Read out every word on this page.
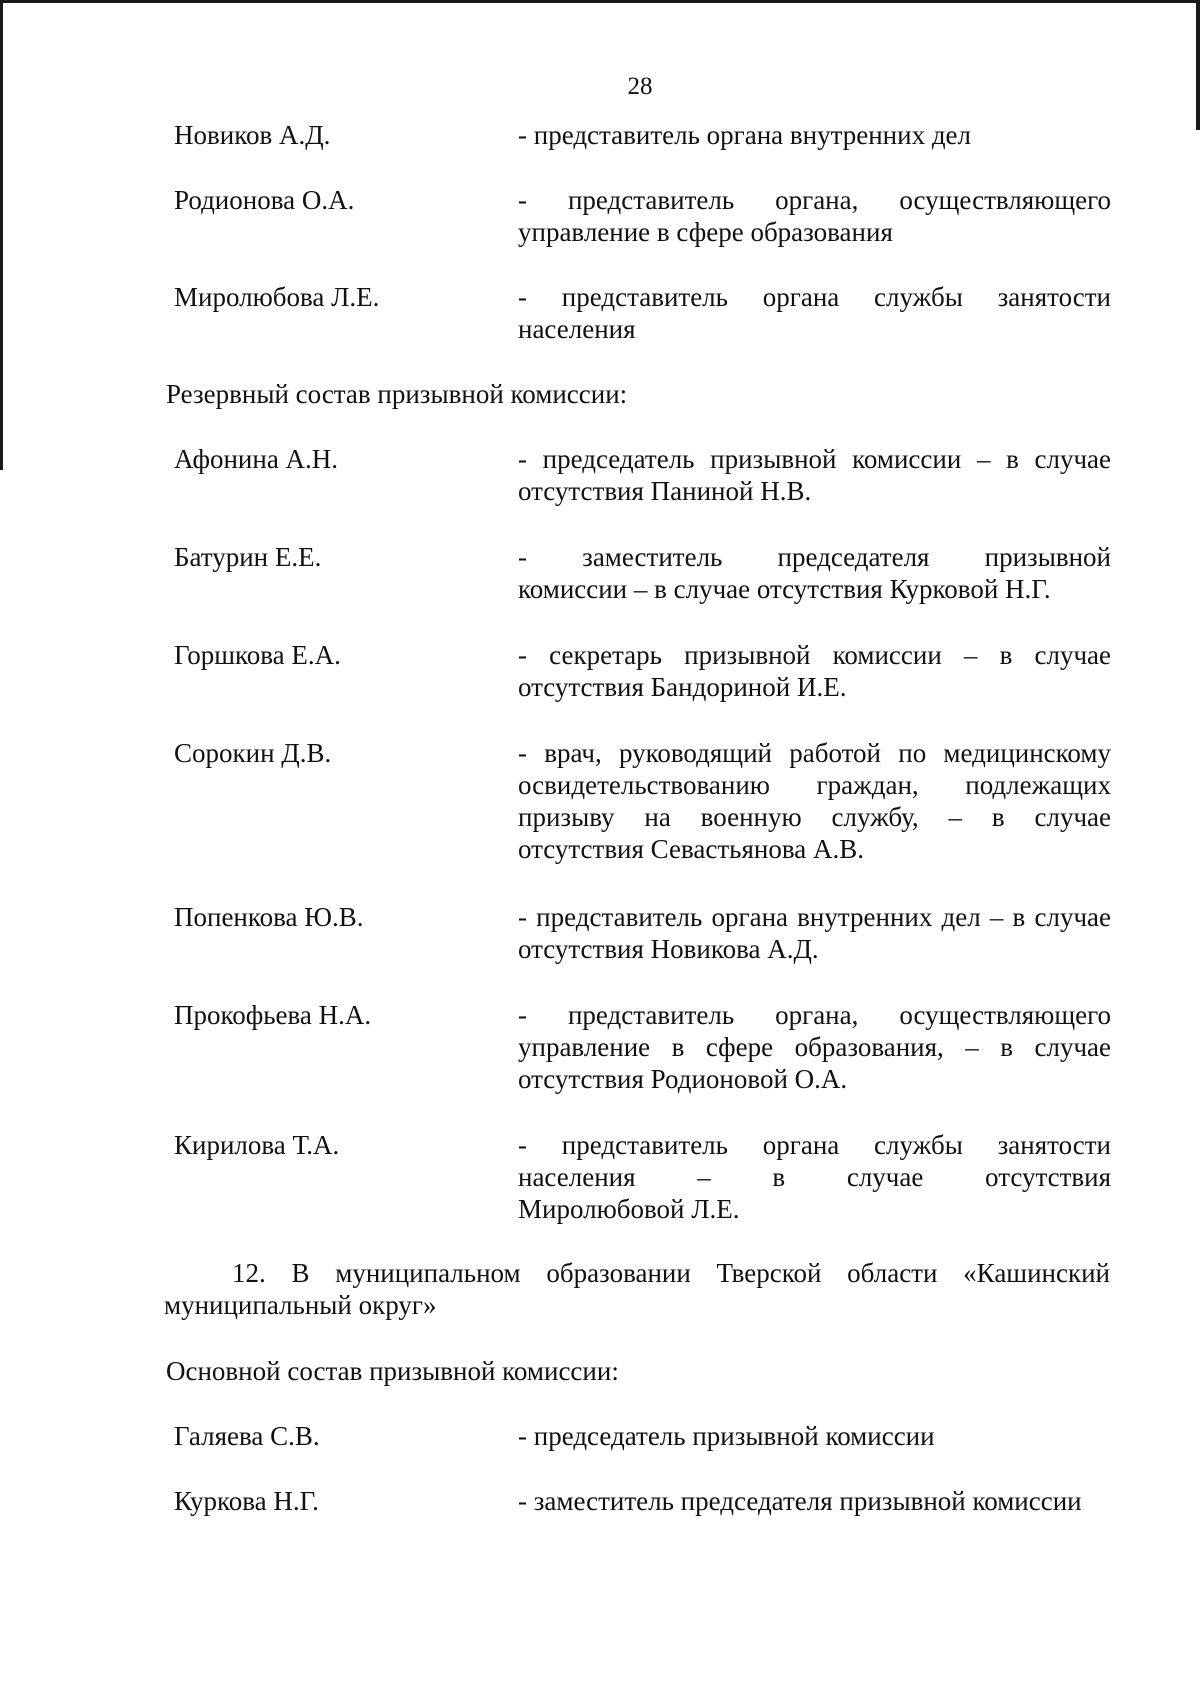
28
Новиков А.Д.	- представитель органа внутренних дел
Родионова О.А.	- представитель органа, осуществляющего
управление в сфере образования
Миролюбова Л.Е.	- представитель органа службы занятости
населения
Резервный состав призывной комиссии:
Афонина А.Н.	- председатель призывной комиссии – в случае
отсутствия Паниной Н.В.
Батурин Е.Е.	- заместитель председателя призывной
комиссии – в случае отсутствия Курковой Н.Г.
Горшкова Е.А.	- секретарь призывной комиссии – в случае
отсутствия Бандориной И.Е.
Сорокин Д.В.	- врач, руководящий работой по медицинскому
освидетельствованию граждан, подлежащих
призыву на военную службу, – в случае
отсутствия Севастьянова А.В.
Попенкова Ю.В.	- представитель органа внутренних дел – в случае
отсутствия Новикова А.Д.
Прокофьева Н.А.	- представитель органа, осуществляющего
управление в сфере образования, – в случае
отсутствия Родионовой О.А.
Кирилова Т.А.	- представитель органа службы занятости
населения – в случае отсутствия
Миролюбовой Л.Е.
12. В муниципальном образовании Тверской области «Кашинский
муниципальный округ»
Основной состав призывной комиссии:
Галяева С.В.	- председатель призывной комиссии
Куркова Н.Г.	- заместитель председателя призывной комиссии
